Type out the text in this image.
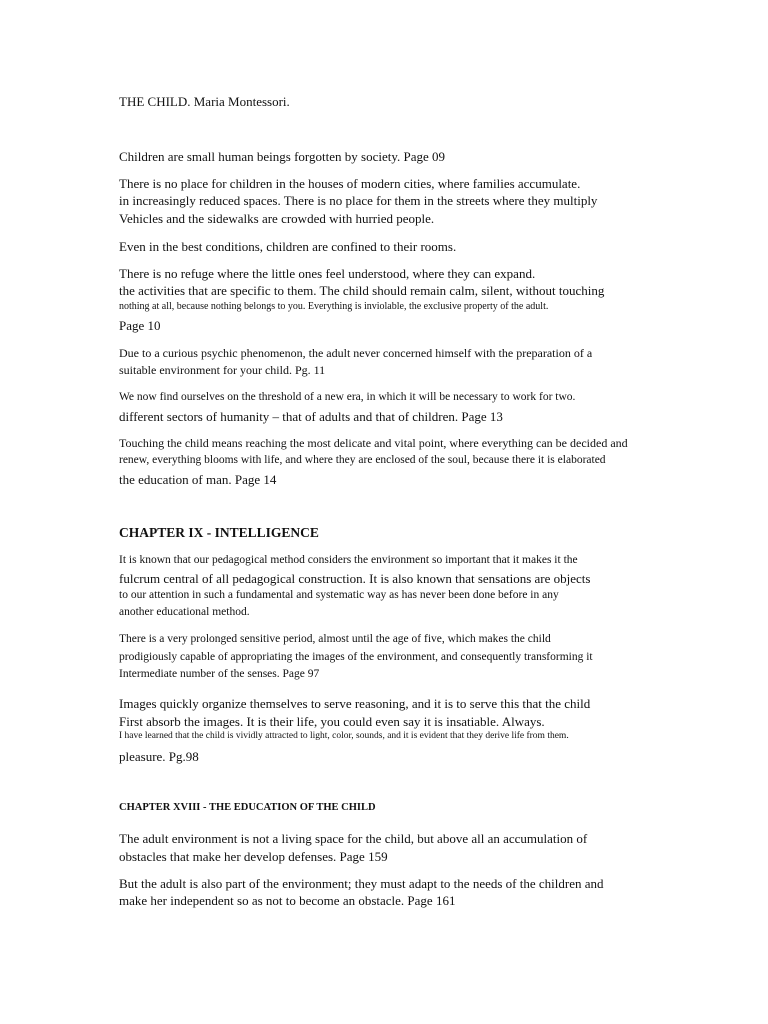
THE CHILD. Maria Montessori.

Children are small human beings forgotten by society. Page 09

There is no place for children in the houses of modern cities, where families accumulate.

in increasingly reduced spaces. There is no place for them in the streets where they multiply

Vehicles and the sidewalks are crowded with hurried people.

Even in the best conditions, children are confined to their rooms.

There is no refuge where the little ones feel understood, where they can expand.

the activities that are specific to them. The child should remain calm, silent, without touching

nothing at all, because nothing belongs to you. Everything is inviolable, the exclusive property of the adult.

Page 10

Due to a curious psychic phenomenon, the adult never concerned himself with the preparation of a

suitable environment for your child. Pg. 11

We now find ourselves on the threshold of a new era, in which it will be necessary to work for two.

different sectors of humanity – that of adults and that of children. Page 13

Touching the child means reaching the most delicate and vital point, where everything can be decided and

renew, everything blooms with life, and where they are enclosed of the soul, because there it is elaborated

the education of man. Page 14

CHAPTER IX - INTELLIGENCE

It is known that our pedagogical method considers the environment so important that it makes it the

fulcrum central of all pedagogical construction. It is also known that sensations are objects

to our attention in such a fundamental and systematic way as has never been done before in any

another educational method.

There is a very prolonged sensitive period, almost until the age of five, which makes the child

prodigiously capable of appropriating the images of the environment, and consequently transforming it

Intermediate number of the senses. Page 97

Images quickly organize themselves to serve reasoning, and it is to serve this that the child

First absorb the images. It is their life, you could even say it is insatiable. Always.

I have learned that the child is vividly attracted to light, color, sounds, and it is evident that they derive life from them.

pleasure. Pg.98

CHAPTER XVIII - THE EDUCATION OF THE CHILD

The adult environment is not a living space for the child, but above all an accumulation of

obstacles that make her develop defenses. Page 159

But the adult is also part of the environment; they must adapt to the needs of the children and

make her independent so as not to become an obstacle. Page 161
